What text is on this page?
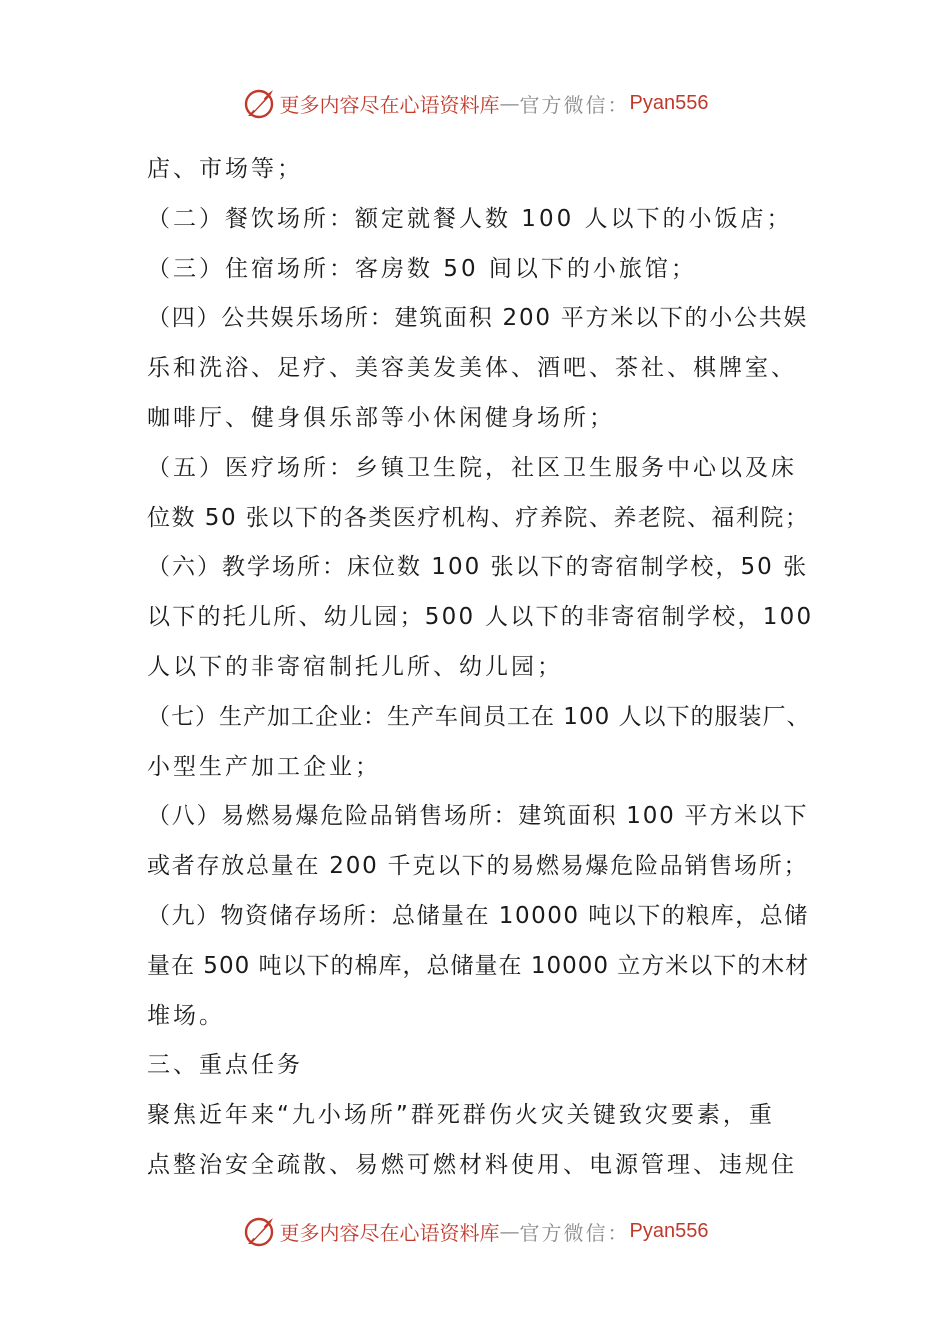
更多内容尽在心语资料库 — 官方微信： Pyan556
店、市场等；
（二）餐饮场所：额定就餐人数 100 人以下的小饭店；
（三）住宿场所：客房数 50 间以下的小旅馆；
（四）公共娱乐场所：建筑面积 200 平方米以下的小公共娱
乐和洗浴、足疗、美容美发美体、酒吧、茶社、棋牌室、
咖啡厅、健身俱乐部等小休闲健身场所；
（五）医疗场所：乡镇卫生院，社区卫生服务中心以及床
位数 50 张以下的各类医疗机构、疗养院、养老院、福利院；
（六）教学场所：床位数 100 张以下的寄宿制学校，50 张
以下的托儿所、幼儿园；500 人以下的非寄宿制学校，100
人以下的非寄宿制托儿所、幼儿园；
（七）生产加工企业：生产车间员工在 100 人以下的服装厂、
小型生产加工企业；
（八）易燃易爆危险品销售场所：建筑面积 100 平方米以下
或者存放总量在 200 千克以下的易燃易爆危险品销售场所；
（九）物资储存场所：总储量在 10000 吨以下的粮库，总储
量在 500 吨以下的棉库，总储量在 10000 立方米以下的木材
堆场。
三、重点任务
聚焦近年来“九小场所”群死群伤火灾关键致灾要素，重
点整治安全疏散、易燃可燃材料使用、电源管理、违规住
更多内容尽在心语资料库 — 官方微信： Pyan556
